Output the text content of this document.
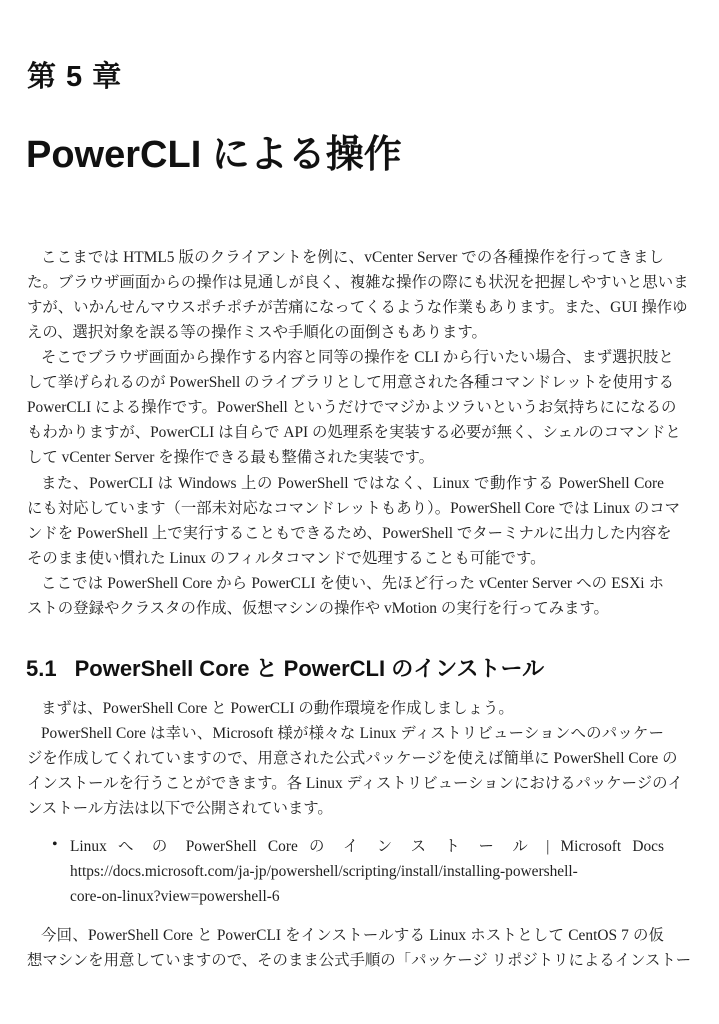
第 5 章
PowerCLI による操作
ここまでは HTML5 版のクライアントを例に、vCenter Server での各種操作を行ってきまし
た。ブラウザ画面からの操作は見通しが良く、複雑な操作の際にも状況を把握しやすいと思いま
すが、いかんせんマウスポチポチが苦痛になってくるような作業もあります。また、GUI 操作ゆ
えの、選択対象を誤る等の操作ミスや手順化の面倒さもあります。
そこでブラウザ画面から操作する内容と同等の操作を CLI から行いたい場合、まず選択肢と
して挙げられるのが PowerShell のライブラリとして用意された各種コマンドレットを使用する
PowerCLI による操作です。PowerShell というだけでマジかよツラいというお気持ちにになるの
もわかりますが、PowerCLI は自らで API の処理系を実装する必要が無く、シェルのコマンドと
して vCenter Server を操作できる最も整備された実装です。
また、PowerCLI は Windows 上の PowerShell ではなく、Linux で動作する PowerShell Core
にも対応しています（一部未対応なコマンドレットもあり）。PowerShell Core では Linux のコマ
ンドを PowerShell 上で実行することもできるため、PowerShell でターミナルに出力した内容を
そのまま使い慣れた Linux のフィルタコマンドで処理することも可能です。
ここでは PowerShell Core から PowerCLI を使い、先ほど行った vCenter Server への ESXi ホ
ストの登録やクラスタの作成、仮想マシンの操作や vMotion の実行を行ってみます。
5.1 PowerShell Core と PowerCLI のインストール
まずは、PowerShell Core と PowerCLI の動作環境を作成しましょう。
PowerShell Core は幸い、Microsoft 様が様々な Linux ディストリビューションへのパッケー
ジを作成してくれていますので、用意された公式パッケージを使えば簡単に PowerShell Core の
インストールを行うことができます。各 Linux ディストリビューションにおけるパッケージのイ
ンストール方法は以下で公開されています。
• Linux へ の PowerShell Core の イ ン ス ト ー ル | Microsoft Docs
https://docs.microsoft.com/ja-jp/powershell/scripting/install/installing-powershell-
core-on-linux?view=powershell-6
今回、PowerShell Core と PowerCLI をインストールする Linux ホストとして CentOS 7 の仮
想マシンを用意していますので、そのまま公式手順の「パッケージ リポジトリによるインストー
